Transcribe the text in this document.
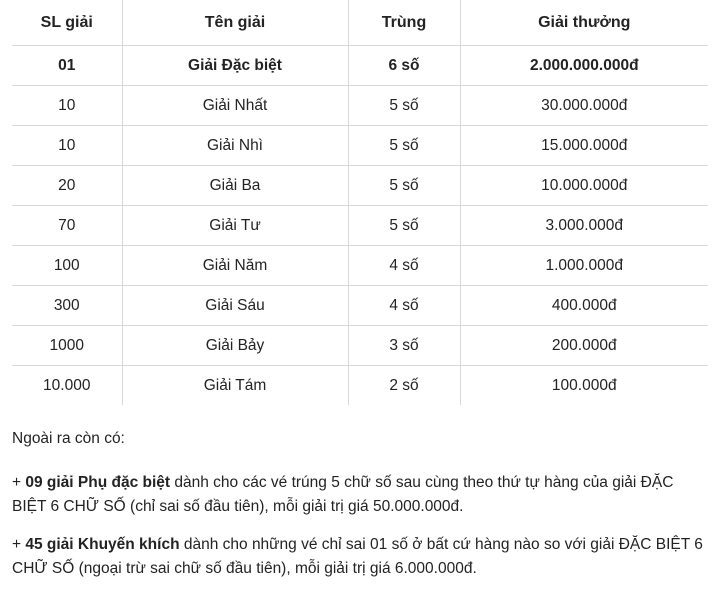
SL giải	Tên giải	Trùng	Giải thưởng
01	Giải Đặc biệt	6 số	2.000.000.000đ
10	Giải Nhất	5 số	30.000.000đ
10	Giải Nhì	5 số	15.000.000đ
20	Giải Ba	5 số	10.000.000đ
70	Giải Tư	5 số	3.000.000đ
100	Giải Năm	4 số	1.000.000đ
300	Giải Sáu	4 số	400.000đ
1000	Giải Bảy	3 số	200.000đ
10.000	Giải Tám	2 số	100.000đ

Ngoài ra còn có:

+ 09 giải Phụ đặc biệt dành cho các vé trúng 5 chữ số sau cùng theo thứ tự hàng của giải ĐẶC BIỆT 6 CHỮ SỐ (chỉ sai số đầu tiên), mỗi giải trị giá 50.000.000đ.

+ 45 giải Khuyến khích dành cho những vé chỉ sai 01 số ở bất cứ hàng nào so với giải ĐẶC BIỆT 6 CHỮ SỐ (ngoại trừ sai chữ số đầu tiên), mỗi giải trị giá 6.000.000đ.
